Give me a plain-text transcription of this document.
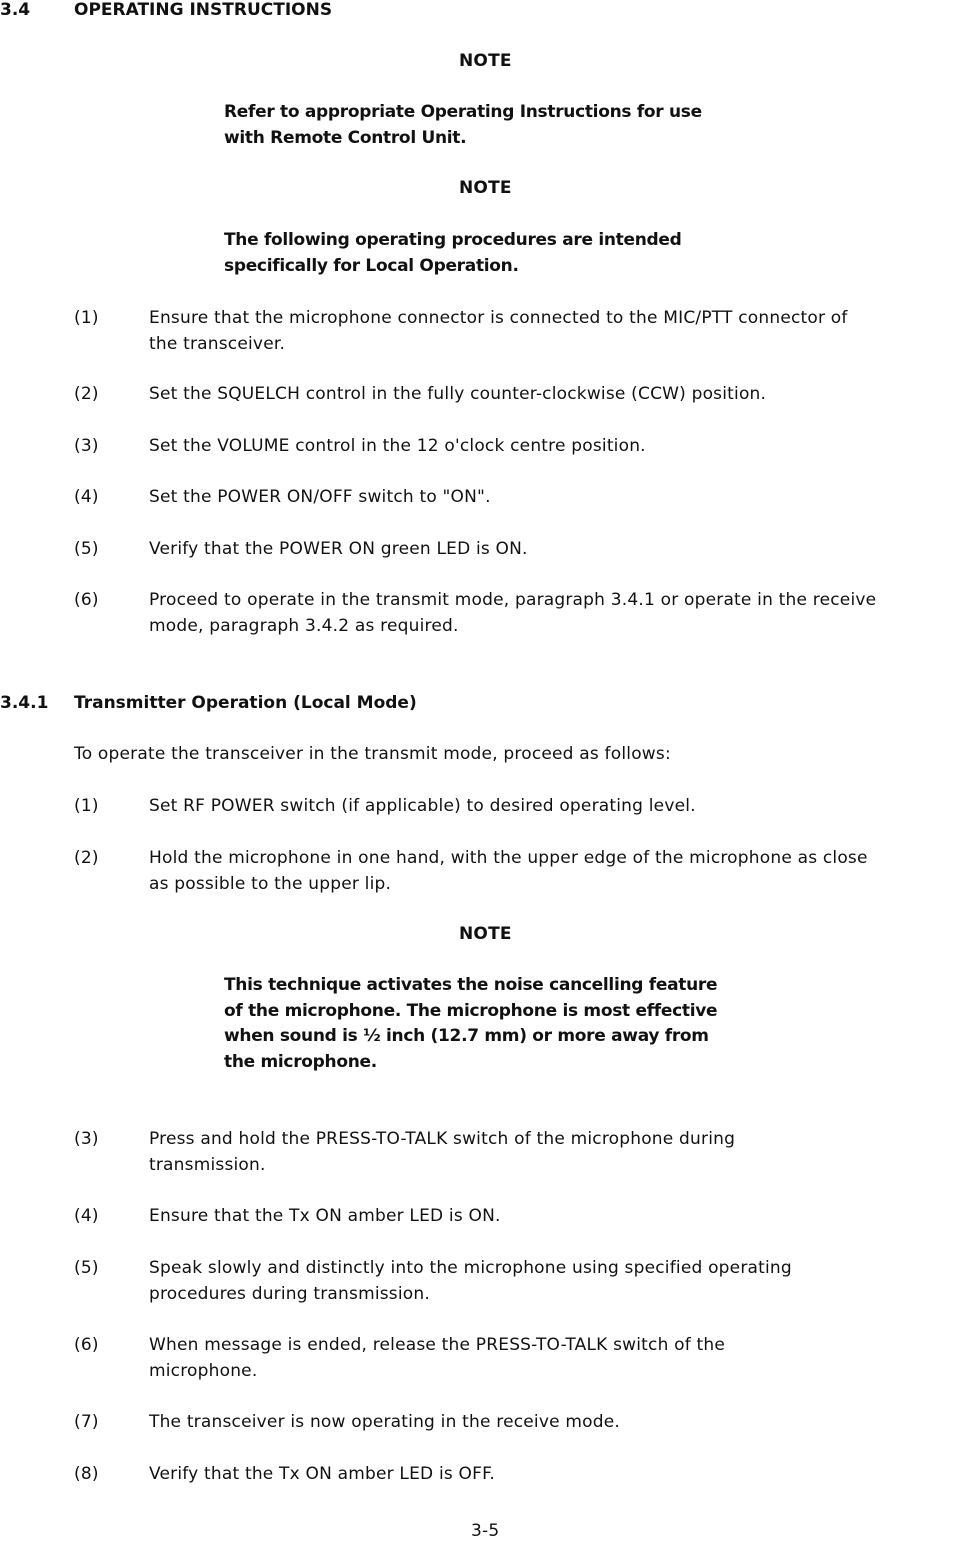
3.4	OPERATING INSTRUCTIONS
NOTE
Refer to appropriate Operating Instructions for use
with Remote Control Unit.
NOTE
The following operating procedures are intended
specifically for Local Operation.
(1)	Ensure that the microphone connector is connected to the MIC/PTT connector of
the transceiver.
(2)	Set the SQUELCH control in the fully counter-clockwise (CCW) position.
(3)	Set the VOLUME control in the 12 o'clock centre position.
(4)	Set the POWER ON/OFF switch to "ON".
(5)	Verify that the POWER ON green LED is ON.
(6)	Proceed to operate in the transmit mode, paragraph 3.4.1 or operate in the receive
mode, paragraph 3.4.2 as required.
3.4.1 Transmitter Operation (Local Mode)
To operate the transceiver in the transmit mode, proceed as follows:
(1)	Set RF POWER switch (if applicable) to desired operating level.
(2)	Hold the microphone in one hand, with the upper edge of the microphone as close
as possible to the upper lip.
NOTE
This technique activates the noise cancelling feature
of the microphone. The microphone is most effective
when sound is ½ inch (12.7 mm) or more away from
the microphone.
(3)	Press and hold the PRESS-TO-TALK switch of the microphone during
transmission.
(4)	Ensure that the Tx ON amber LED is ON.
(5)	Speak slowly and distinctly into the microphone using specified operating
procedures during transmission.
(6)	When message is ended, release the PRESS-TO-TALK switch of the
microphone.
(7)	The transceiver is now operating in the receive mode.
(8)	Verify that the Tx ON amber LED is OFF.
3-5
